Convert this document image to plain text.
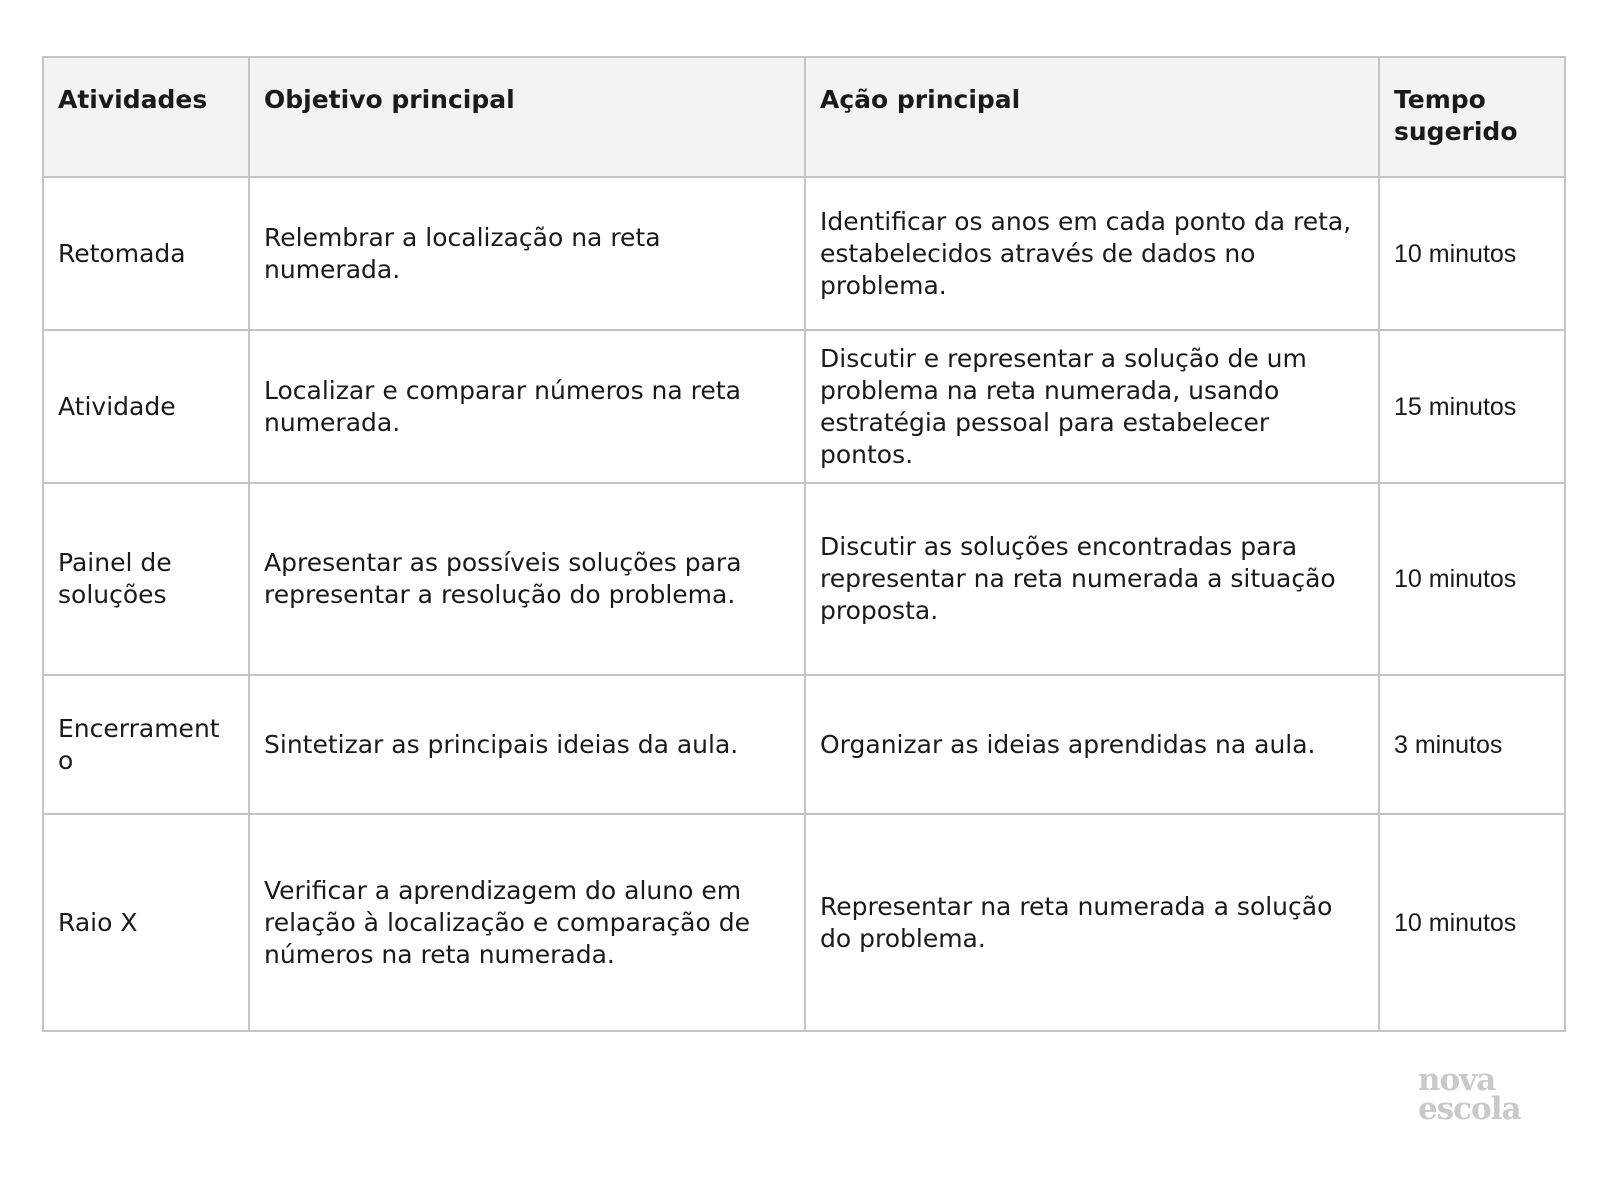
Atividades	Objetivo principal	Ação principal	Tempo sugerido
Retomada	Relembrar a localização na reta numerada.	Identificar os anos em cada ponto da reta, estabelecidos através de dados no problema.	10 minutos
Atividade	Localizar e comparar números na reta numerada.	Discutir e representar a solução de um problema na reta numerada, usando estratégia pessoal para estabelecer pontos.	15 minutos
Painel de soluções	Apresentar as possíveis soluções para representar a resolução do problema.	Discutir as soluções encontradas para representar na reta numerada a situação proposta.	10 minutos
Encerramento	Sintetizar as principais ideias da aula.	Organizar as ideias aprendidas na aula.	3 minutos
Raio X	Verificar a aprendizagem do aluno em relação à localização e comparação de números na reta numerada.	Representar na reta numerada a solução do problema.	10 minutos
nova
escola
